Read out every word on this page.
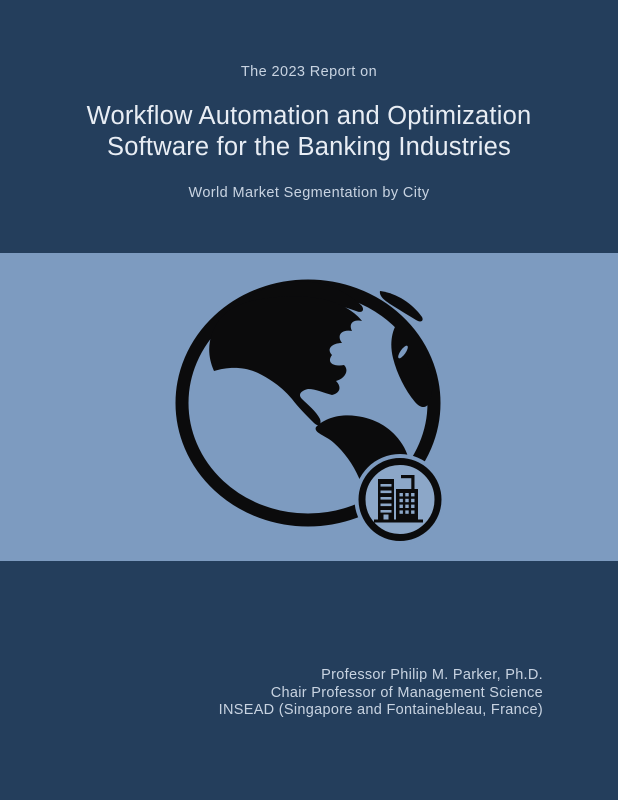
The 2023 Report on
Workflow Automation and Optimization
Software for the Banking Industries
World Market Segmentation by City
Professor Philip M. Parker, Ph.D.
Chair Professor of Management Science
INSEAD (Singapore and Fontainebleau, France)
